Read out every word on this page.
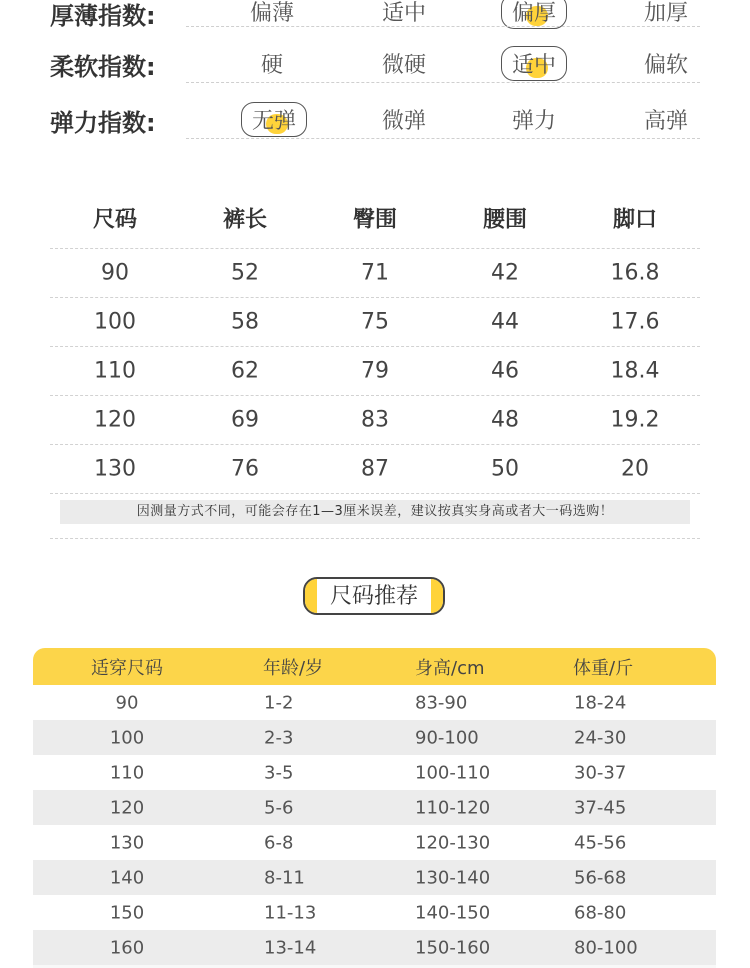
厚薄指数:	偏薄	适中	偏厚	加厚
柔软指数:	硬	微硬	适中	偏软
弹力指数:	无弹	微弹	弹力	高弹
尺码	裤长	臀围	腰围	脚口
90	52	71	42	16.8
100	58	75	44	17.6
110	62	79	46	18.4
120	69	83	48	19.2
130	76	87	50	20
因测量方式不同，可能会存在1—3厘米误差，建议按真实身高或者大一码选购！
尺码推荐
适穿尺码	年龄/岁	身高/cm	体重/斤
90	1-2	83-90	18-24
100	2-3	90-100	24-30
110	3-5	100-110	30-37
120	5-6	110-120	37-45
130	6-8	120-130	45-56
140	8-11	130-140	56-68
150	11-13	140-150	68-80
160	13-14	150-160	80-100
